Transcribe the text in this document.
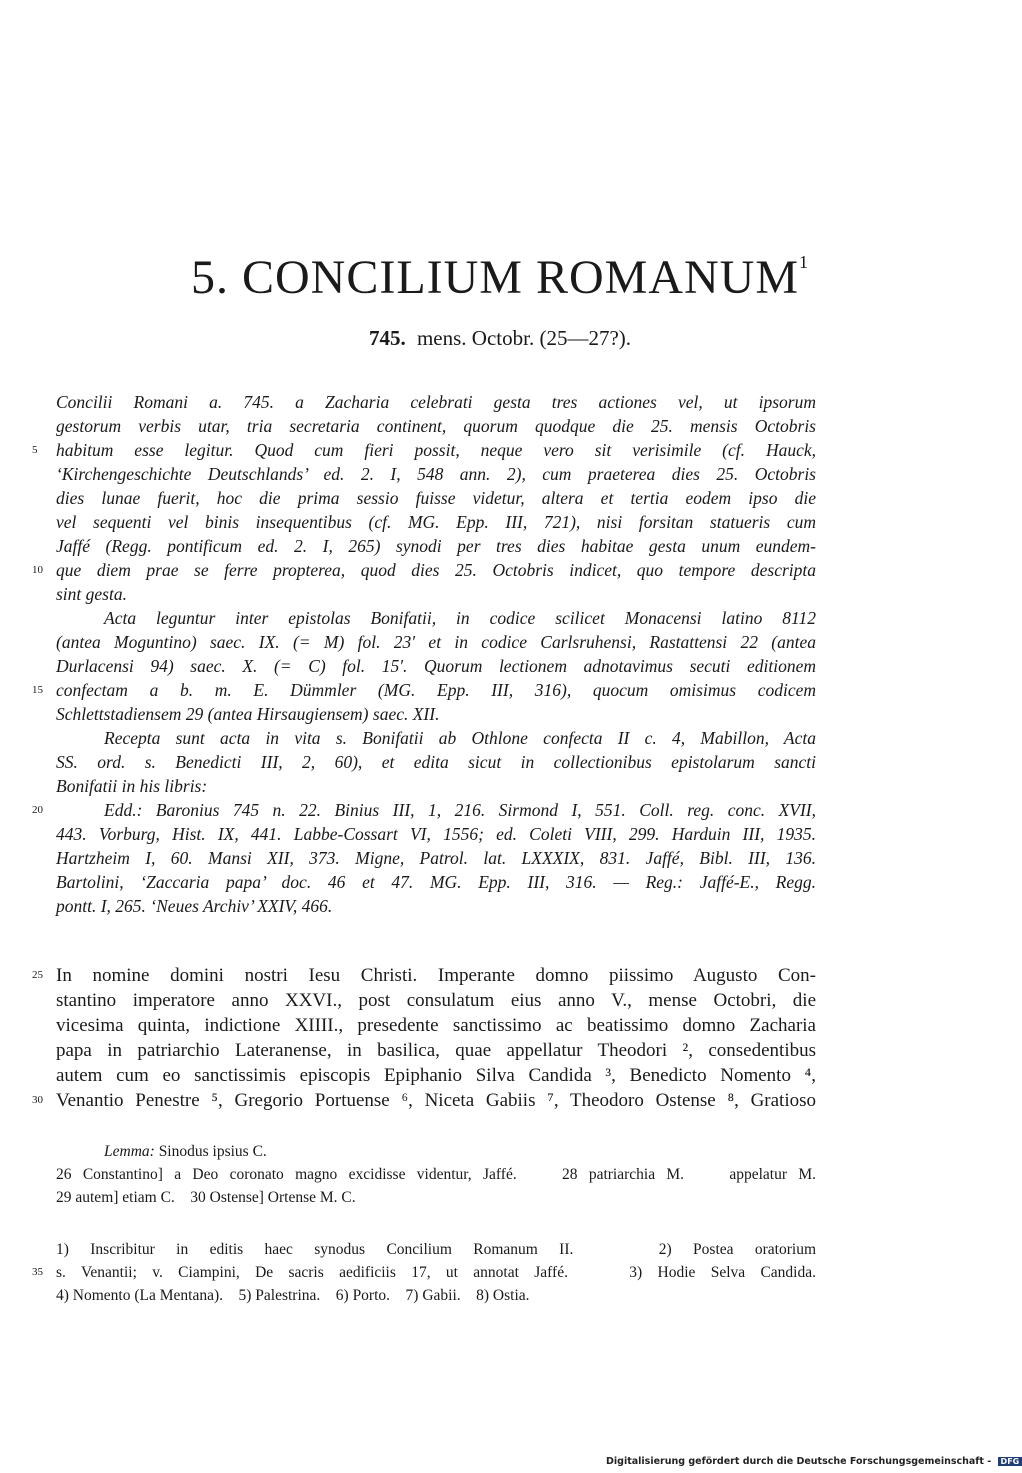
5. CONCILIUM ROMANUM$^1$
745. mens. Octobr. (25—27?).
Concilii Romani a. 745. a Zacharia celebrati gesta tres actiones vel, ut ipsorum
gestorum verbis utar, tria secretaria continent, quorum quodque die 25. mensis Octobris
5	habitum esse legitur. Quod cum fieri possit, neque vero sit verisimile (cf. Hauck,
‘Kirchengeschichte Deutschlands’ ed. 2. I, 548 ann. 2), cum praeterea dies 25. Octobris
dies lunae fuerit, hoc die prima sessio fuisse videtur, altera et tertia eodem ipso die
vel sequenti vel binis insequentibus (cf. MG. Epp. III, 721), nisi forsitan statueris cum
Jaffé (Regg. pontificum ed. 2. I, 265) synodi per tres dies habitae gesta unum eundem-
10 que diem prae se ferre propterea, quod dies 25. Octobris indicet, quo tempore descripta
sint gesta.
Acta leguntur inter epistolas Bonifatii, in codice scilicet Monacensi latino 8112
(antea Moguntino) saec. IX. (= M) fol. 23′ et in codice Carlsruhensi, Rastattensi 22 (antea
Durlacensi 94) saec. X. (= C) fol. 15′. Quorum lectionem adnotavimus secuti editionem
15 confectam a b. m. E. Dümmler (MG. Epp. III, 316), quocum omisimus codicem
Schlettstadiensem 29 (antea Hirsaugiensem) saec. XII.
Recepta sunt acta in vita s. Bonifatii ab Othlone confecta II c. 4, Mabillon, Acta
SS. ord. s. Benedicti III, 2, 60), et edita sicut in collectionibus epistolarum sancti
Bonifatii in his libris:
20	Edd.: Baronius 745 n. 22. Binius III, 1, 216. Sirmond I, 551. Coll. reg. conc. XVII,
443. Vorburg, Hist. IX, 441. Labbe-Cossart VI, 1556; ed. Coleti VIII, 299. Harduin III, 1935.
Hartzheim I, 60. Mansi XII, 373. Migne, Patrol. lat. LXXXIX, 831. Jaffé, Bibl. III, 136.
Bartolini, ‘Zaccaria papa’ doc. 46 et 47. MG. Epp. III, 316. — Reg.: Jaffé-E., Regg.
pontt. I, 265. ‘Neues Archiv’ XXIV, 466.
25 In nomine domini nostri Iesu Christi. Imperante domno piissimo Augusto Con-
stantino imperatore anno XXVI., post consulatum eius anno V., mense Octobri, die
vicesima quinta, indictione XIIII., presedente sanctissimo ac beatissimo domno Zacharia
papa in patriarchio Lateranense, in basilica, quae appellatur Theodori ², consedentibus
autem cum eo sanctissimis episcopis Epiphanio Silva Candida ³, Benedicto Nomento ⁴,
30 Venantio Penestre ⁵, Gregorio Portuense ⁶, Niceta Gabiis ⁷, Theodoro Ostense ⁸, Gratioso
Lemma: Sinodus ipsius C.
26 Constantino] a Deo coronato magno excidisse videntur, Jaffé.    28 patriarchia M.    appelatur M.
29 autem] etiam C.    30 Ostense] Ortense M. C.
1) Inscribitur in editis haec synodus Concilium Romanum II.    2) Postea oratorium
35 s. Venantii; v. Ciampini, De sacris aedificiis 17, ut annotat Jaffé.    3) Hodie Selva Candida.
4) Nomento (La Mentana).    5) Palestrina.    6) Porto.    7) Gabii.    8) Ostia.
Digitalisierung gefördert durch die Deutsche Forschungsgemeinschaft - DFG
